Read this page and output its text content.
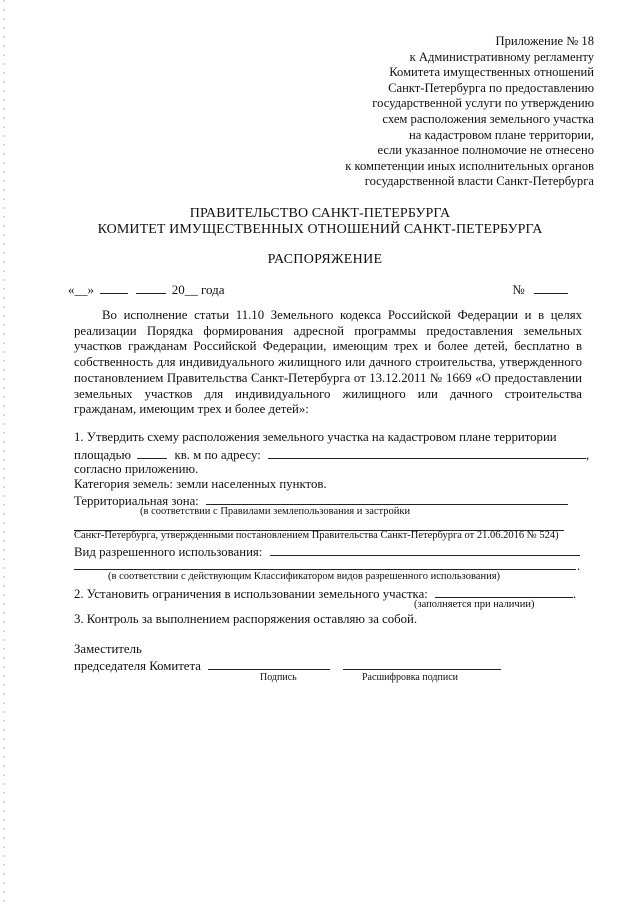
Приложение № 18
к Административному регламенту
Комитета имущественных отношений
Санкт-Петербурга по предоставлению
государственной услуги по утверждению
схем расположения земельного участка
на кадастровом плане территории,
если указанное полномочие не отнесено
к компетенции иных исполнительных органов
государственной власти Санкт-Петербурга
ПРАВИТЕЛЬСТВО САНКТ-ПЕТЕРБУРГА
КОМИТЕТ ИМУЩЕСТВЕННЫХ ОТНОШЕНИЙ САНКТ-ПЕТЕРБУРГА
РАСПОРЯЖЕНИЕ
«__»	20__ года	№
Во исполнение статьи 11.10 Земельного кодекса Российской Федерации и в целях реализации Порядка формирования адресной программы предоставления земельных участков гражданам Российской Федерации, имеющим трех и более детей, бесплатно в собственность для индивидуального жилищного или дачного строительства, утвержденного постановлением Правительства Санкт-Петербурга от 13.12.2011 № 1669 «О предоставлении земельных участков для индивидуального жилищного или дачного строительства гражданам, имеющим трех и более детей»:
1. Утвердить схему расположения земельного участка на кадастровом плане территории
площадью	кв. м по адресу:	,
согласно приложению.
Категория земель: земли населенных пунктов.
Территориальная зона:
(в соответствии с Правилами землепользования и застройки
Санкт-Петербурга, утвержденными постановлением Правительства Санкт-Петербурга от 21.06.2016 № 524)
Вид разрешенного использования:
.
(в соответствии с действующим Классификатором видов разрешенного использования)
2. Установить ограничения в использовании земельного участка:	.
(заполняется при наличии)
3. Контроль за выполнением распоряжения оставляю за собой.
Заместитель
председателя Комитета
Подпись	Расшифровка подписи
